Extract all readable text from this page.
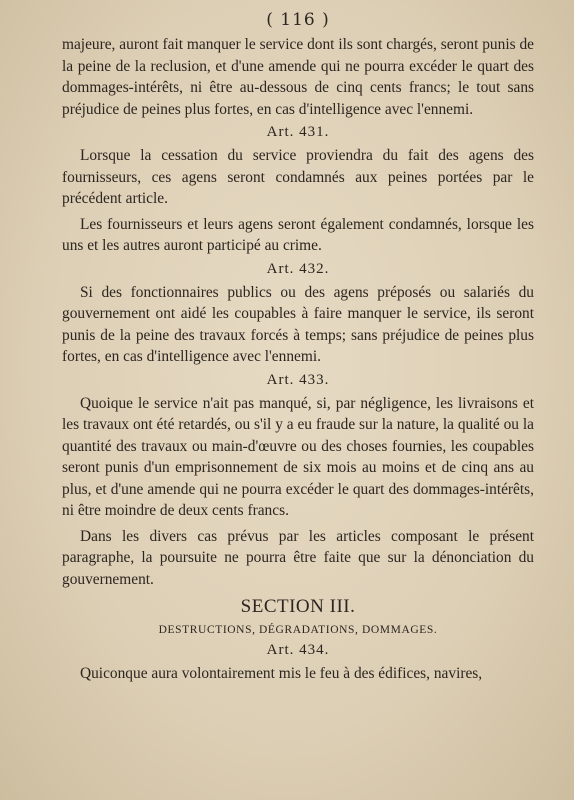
( 116 )

majeure, auront fait manquer le service dont ils sont chargés, seront punis de la peine de la reclusion, et d'une amende qui ne pourra excéder le quart des dommages-intérêts, ni être au-dessous de cinq cents francs; le tout sans préjudice de peines plus fortes, en cas d'intelligence avec l'ennemi.

Art. 431.

Lorsque la cessation du service proviendra du fait des agens des fournisseurs, ces agens seront condamnés aux peines portées par le précédent article.

Les fournisseurs et leurs agens seront également condamnés, lorsque les uns et les autres auront participé au crime.

Art. 432.

Si des fonctionnaires publics ou des agens préposés ou salariés du gouvernement ont aidé les coupables à faire manquer le service, ils seront punis de la peine des travaux forcés à temps; sans préjudice de peines plus fortes, en cas d'intelligence avec l'ennemi.

Art. 433.

Quoique le service n'ait pas manqué, si, par négligence, les livraisons et les travaux ont été retardés, ou s'il y a eu fraude sur la nature, la qualité ou la quantité des travaux ou main-d'œuvre ou des choses fournies, les coupables seront punis d'un emprisonnement de six mois au moins et de cinq ans au plus, et d'une amende qui ne pourra excéder le quart des dommages-intérêts, ni être moindre de deux cents francs.

Dans les divers cas prévus par les articles composant le présent paragraphe, la poursuite ne pourra être faite que sur la dénonciation du gouvernement.

SECTION III.
DESTRUCTIONS, DÉGRADATIONS, DOMMAGES.
Art. 434.

Quiconque aura volontairement mis le feu à des édifices, navires,
